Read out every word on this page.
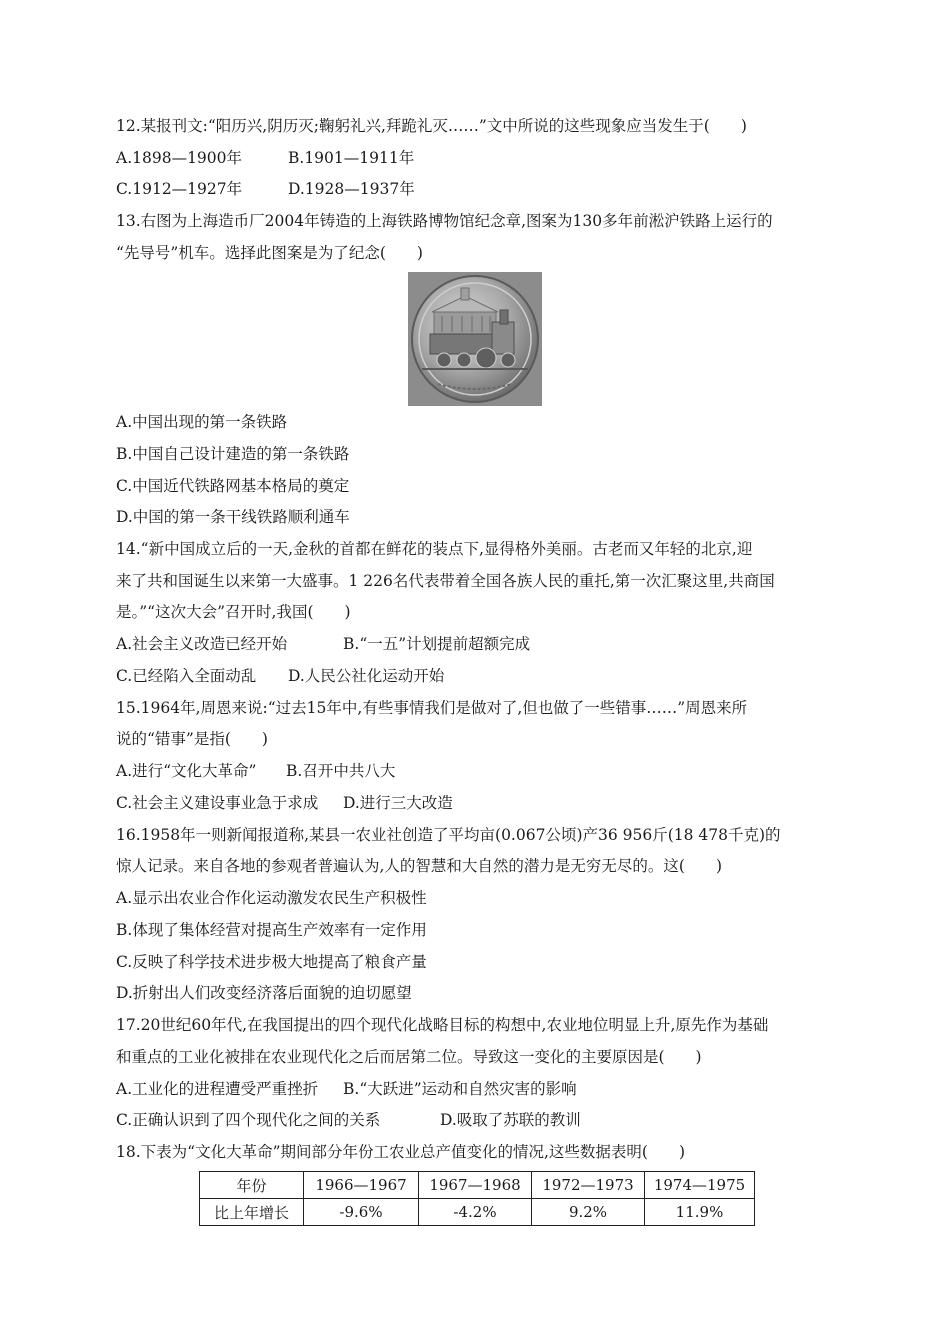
12.某报刊文:“阳历兴,阴历灭;鞠躬礼兴,拜跪礼灭……”文中所说的这些现象应当发生于(　　)
A.1898—1900年	B.1901—1911年
C.1912—1927年	D.1928—1937年
13.右图为上海造币厂2004年铸造的上海铁路博物馆纪念章,图案为130多年前淞沪铁路上运行的
“先导号”机车。选择此图案是为了纪念(　　)
A.中国出现的第一条铁路
B.中国自己设计建造的第一条铁路
C.中国近代铁路网基本格局的奠定
D.中国的第一条干线铁路顺利通车
14.“新中国成立后的一天,金秋的首都在鲜花的装点下,显得格外美丽。古老而又年轻的北京,迎
来了共和国诞生以来第一大盛事。1 226名代表带着全国各族人民的重托,第一次汇聚这里,共商国
是。”“这次大会”召开时,我国(　　)
A.社会主义改造已经开始	B.“一五”计划提前超额完成
C.已经陷入全面动乱 D.人民公社化运动开始
15.1964年,周恩来说:“过去15年中,有些事情我们是做对了,但也做了一些错事……”周恩来所
说的“错事”是指(　　)
A.进行“文化大革命” B.召开中共八大
C.社会主义建设事业急于求成 D.进行三大改造
16.1958年一则新闻报道称,某县一农业社创造了平均亩(0.067公顷)产36 956斤(18 478千克)的
惊人记录。来自各地的参观者普遍认为,人的智慧和大自然的潜力是无穷无尽的。这(　　)
A.显示出农业合作化运动激发农民生产积极性
B.体现了集体经营对提高生产效率有一定作用
C.反映了科学技术进步极大地提高了粮食产量
D.折射出人们改变经济落后面貌的迫切愿望
17.20世纪60年代,在我国提出的四个现代化战略目标的构想中,农业地位明显上升,原先作为基础
和重点的工业化被排在农业现代化之后而居第二位。导致这一变化的主要原因是(　　)
A.工业化的进程遭受严重挫折 B.“大跃进”运动和自然灾害的影响
C.正确认识到了四个现代化之间的关系	D.吸取了苏联的教训
18.下表为“文化大革命”期间部分年份工农业总产值变化的情况,这些数据表明(　　)
年份	1966—1967	1967—1968	1972—1973	1974—1975
比上年增长	-9.6%	-4.2%	9.2%	11.9%
